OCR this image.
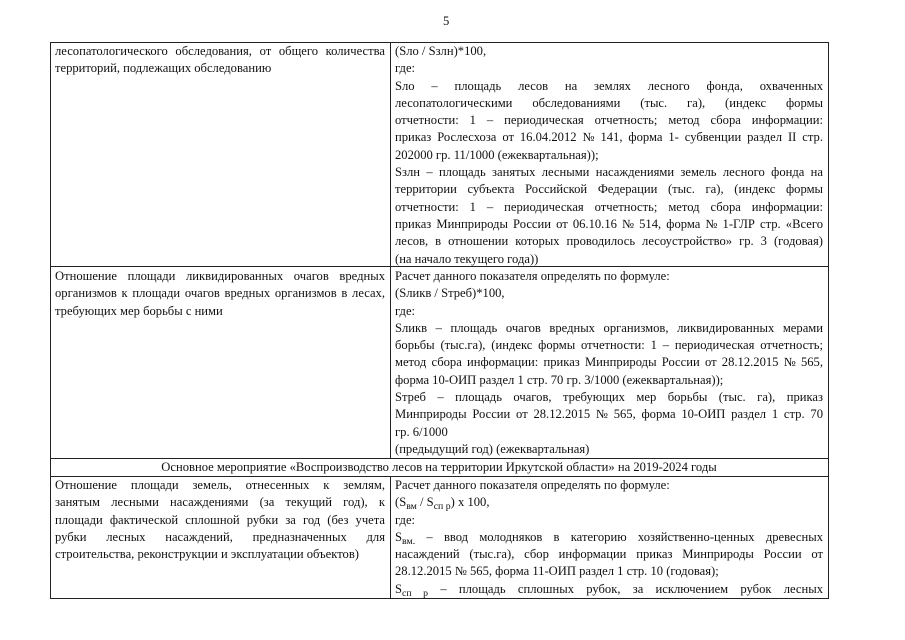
5
лесопатологического обследования, от общего количества
территорий, подлежащих обследованию
(Sло / Sзлн)*100,
где:
Sло – площадь лесов на землях лесного фонда, охваченных
лесопатологическими обследованиями (тыс. га), (индекс формы
отчетности: 1 – периодическая отчетность; метод сбора информации:
приказ Рослесхоза от 16.04.2012 № 141, форма 1- субвенции раздел II стр.
202000 гр. 11/1000 (ежеквартальная));
Sзлн – площадь занятых лесными насаждениями земель лесного фонда на
территории субъекта Российской Федерации (тыс. га), (индекс формы
отчетности: 1 – периодическая отчетность; метод сбора информации:
приказ Минприроды России от 06.10.16 № 514, форма № 1-ГЛР стр. «Всего
лесов, в отношении которых проводилось лесоустройство» гр. 3 (годовая)
(на начало текущего года))
Отношение площади ликвидированных очагов вредных
организмов к площади очагов вредных организмов в лесах,
требующих мер борьбы с ними
Расчет данного показателя определять по формуле:
(Sликв / Sтреб)*100,
где:
Sликв – площадь очагов вредных организмов, ликвидированных мерами
борьбы (тыс.га), (индекс формы отчетности: 1 – периодическая отчетность;
метод сбора информации: приказ Минприроды России от 28.12.2015 № 565,
форма 10-ОИП раздел 1 стр. 70 гр. 3/1000 (ежеквартальная));
Sтреб – площадь очагов, требующих мер борьбы (тыс. га), приказ
Минприроды России от 28.12.2015 № 565, форма 10-ОИП раздел 1 стр. 70
гр. 6/1000
(предыдущий год) (ежеквартальная)
Основное мероприятие «Воспроизводство лесов на территории Иркутской области» на 2019-2024 годы
Отношение площади земель, отнесенных к землям,
занятым лесными насаждениями (за текущий год), к
площади фактической сплошной рубки за год (без учета
рубки лесных насаждений, предназначенных для
строительства, реконструкции и эксплуатации объектов)
Расчет данного показателя определять по формуле:
$(S_{вм} / S_{сп р})$ x 100,
где:
$S_{вм.}$ – ввод молодняков в категорию хозяйственно-ценных древесных
насаждений (тыс.га), сбор информации приказ Минприроды России от
28.12.2015 № 565, форма 11-ОИП раздел 1 стр. 10 (годовая);
$S_{сп р}$ – площадь сплошных рубок, за исключением рубок лесных
